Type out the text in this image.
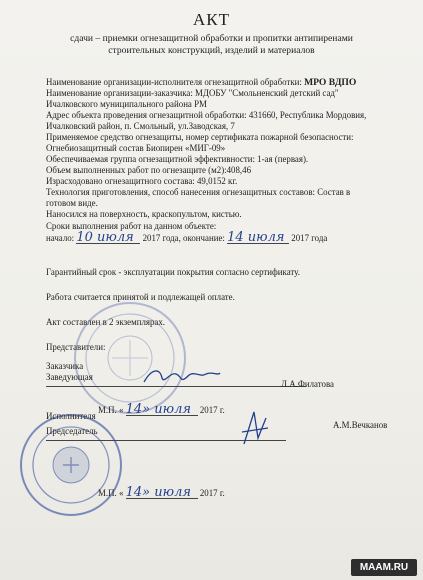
АКТ
сдачи – приемки огнезащитной обработки и пропитки антипиренами
строительных конструкций, изделий и материалов
Наименование организации-исполнителя огнезащитной обработки: МРО ВДПО
Наименование организации-заказчика: МДОБУ "Смольненский детский сад"
Ичалковского муниципального района РМ
Адрес объекта проведения огнезащитной обработки: 431660, Республика Мордовия,
Ичалковский район, п. Смольный, ул.Заводская, 7
Применяемое средство огнезащиты, номер сертификата пожарной безопасности:
Огнебиозащитный состав Биопирен «МИГ-09»
Обеспечиваемая группа огнезащитной эффективности: 1-ая (первая).
Объем выполненных работ по огнезащите (м2):408,46
Израсходовано огнезащитного состава: 49,0152 кг.
Технология приготовления, способ нанесения огнезащитных составов: Состав в
готовом виде.
Наносился на поверхность, краскопультом, кистью.
Сроки выполнения работ на данном объекте:
начало: 10 июля 2017 года, окончание: 14 июля 2017 года
Гарантийный срок - эксплуатации покрытия согласно сертификату.
Работа считается принятой и подлежащей оплате.
Акт составлен в 2 экземплярах.
Представители:
Заказчика
Заведующая
Л.А.Филатова
М.П. « 14» июля 2017 г.
Исполнителя
Председатель
А.М.Вечканов
М.П. « 14» июля 2017 г.
MAAM.RU
